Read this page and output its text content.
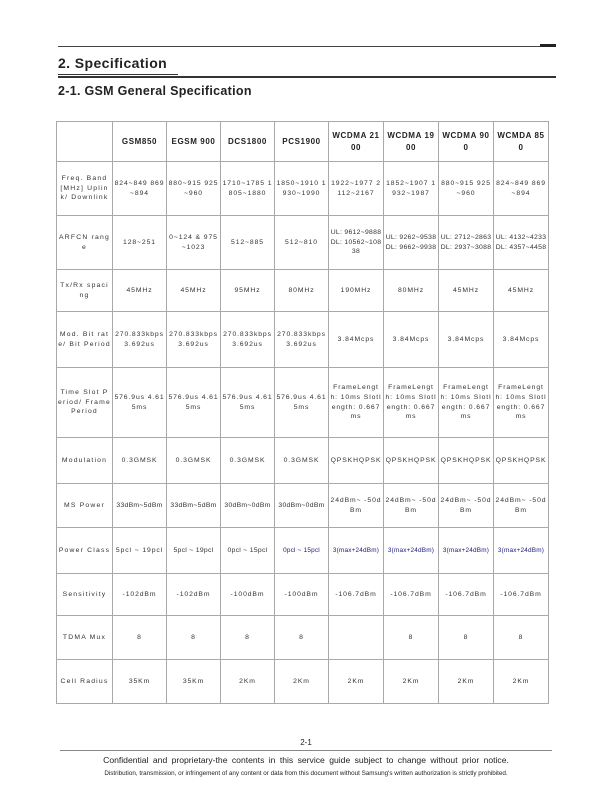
2. Specification
2-1. GSM General Specification
	GSM850	EGSM 900	DCS1800	PCS1900	WCDMA 2100	WCDMA 1900	WCDMA 900	WCMDA 850
Freq. Band[MHz] Uplink/ Downlink	824~849 869~894	880~915 925~960	1710~1785 1805~1880	1850~1910 1930~1990	1922~1977 2112~2167	1852~1907 1932~1987	880~915 925~960	824~849 869~894
ARFCN range	128~251	0~124 & 975~1023	512~885	512~810	UL: 9612~9888 DL: 10562~10838	UL: 9262~9538 DL: 9662~9938	UL: 2712~2863 DL: 2937~3088	UL: 4132~4233 DL: 4357~4458
Tx/Rx spacing	45MHz	45MHz	95MHz	80MHz	190MHz	80MHz	45MHz	45MHz
Mod. Bit rate/ Bit Period	270.833kbps 3.692us	270.833kbps 3.692us	270.833kbps 3.692us	270.833kbps 3.692us	3.84Mcps	3.84Mcps	3.84Mcps	3.84Mcps
Time Slot Period/ Frame Period	576.9us 4.615ms	576.9us 4.615ms	576.9us 4.615ms	576.9us 4.615ms	FrameLength: 10ms Slotlength: 0.667ms	FrameLength: 10ms Slotlength: 0.667ms	FrameLength: 10ms Slotlength: 0.667ms	FrameLength: 10ms Slotlength: 0.667ms
Modulation	0.3GMSK	0.3GMSK	0.3GMSK	0.3GMSK	QPSKHQPSK	QPSKHQPSK	QPSKHQPSK	QPSKHQPSK
MS Power	33dBm~5dBm	33dBm~5dBm	30dBm~0dBm	30dBm~0dBm	24dBm~ -50dBm	24dBm~ -50dBm	24dBm~ -50dBm	24dBm~ -50dBm
Power Class	5pcl ~ 19pcl	5pcl ~ 19pcl	0pcl ~ 15pcl	0pcl ~ 15pcl	3(max+24dBm)	3(max+24dBm)	3(max+24dBm)	3(max+24dBm)
Sensitivity	-102dBm	-102dBm	-100dBm	-100dBm	-106.7dBm	-106.7dBm	-106.7dBm	-106.7dBm
TDMA Mux	8	8	8	8		8	8	8
Cell Radius	35Km	35Km	2Km	2Km	2Km	2Km	2Km	2Km
2-1
Confidential and proprietary-the contents in this service guide subject to change without prior notice.
Distribution, transmission, or infringement of any content or data from this document without Samsung's written authorization is strictly prohibited.
